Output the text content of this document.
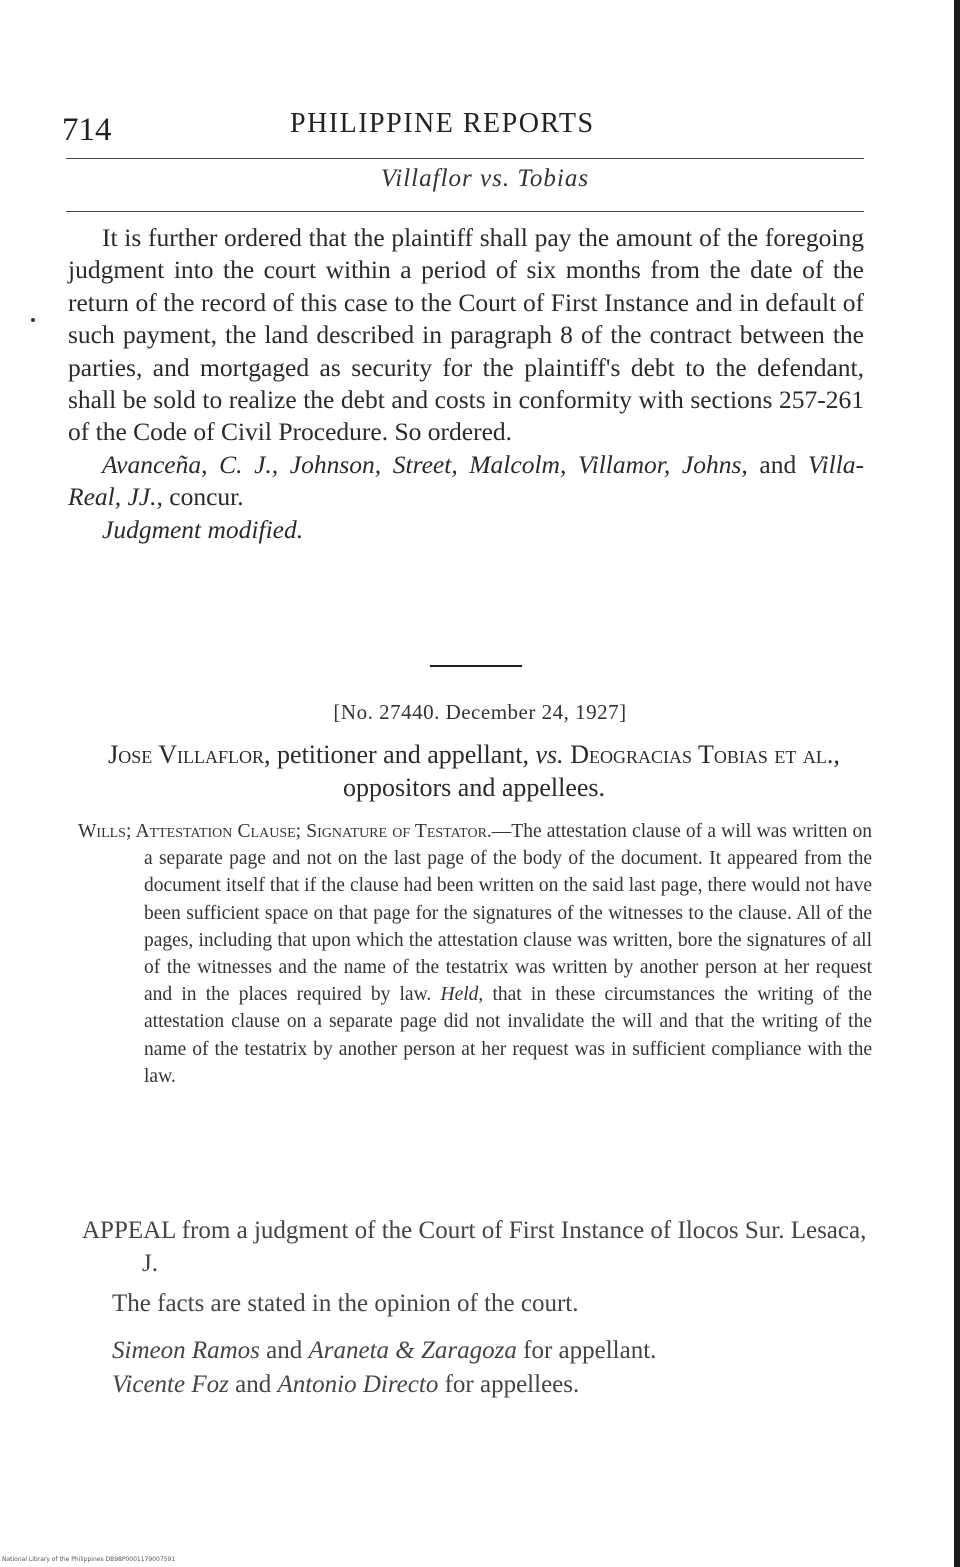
714	PHILIPPINE REPORTS
Villaflor vs. Tobias

It is further ordered that the plaintiff shall pay the amount of the foregoing judgment into the court within a period of six months from the date of the return of the record of this case to the Court of First Instance and in default of such payment, the land described in paragraph 8 of the contract between the parties, and mortgaged as security for the plaintiff's debt to the defendant, shall be sold to realize the debt and costs in conformity with sections 257-261 of the Code of Civil Procedure. So ordered.

Avanceña, C. J., Johnson, Street, Malcolm, Villamor, Johns, and Villa-Real, JJ., concur.

Judgment modified.

[No. 27440. December 24, 1927]
Jose Villaflor, petitioner and appellant, vs. Deogracias Tobias et al., oppositors and appellees.
Wills; Attestation Clause; Signature of Testator.—The attestation clause of a will was written on a separate page and not on the last page of the body of the document. It appeared from the document itself that if the clause had been written on the said last page, there would not have been sufficient space on that page for the signatures of the witnesses to the clause. All of the pages, including that upon which the attestation clause was written, bore the signatures of all of the witnesses and the name of the testatrix was written by another person at her request and in the places required by law. Held, that in these circumstances the writing of the attestation clause on a separate page did not invalidate the will and that the writing of the name of the testatrix by another person at her request was in sufficient compliance with the law.
APPEAL from a judgment of the Court of First Instance of Ilocos Sur. Lesaca, J.
The facts are stated in the opinion of the court.
Simeon Ramos and Araneta & Zaragoza for appellant.
Vicente Foz and Antonio Directo for appellees.
National Library of the Philippines DB98P0001179007591
